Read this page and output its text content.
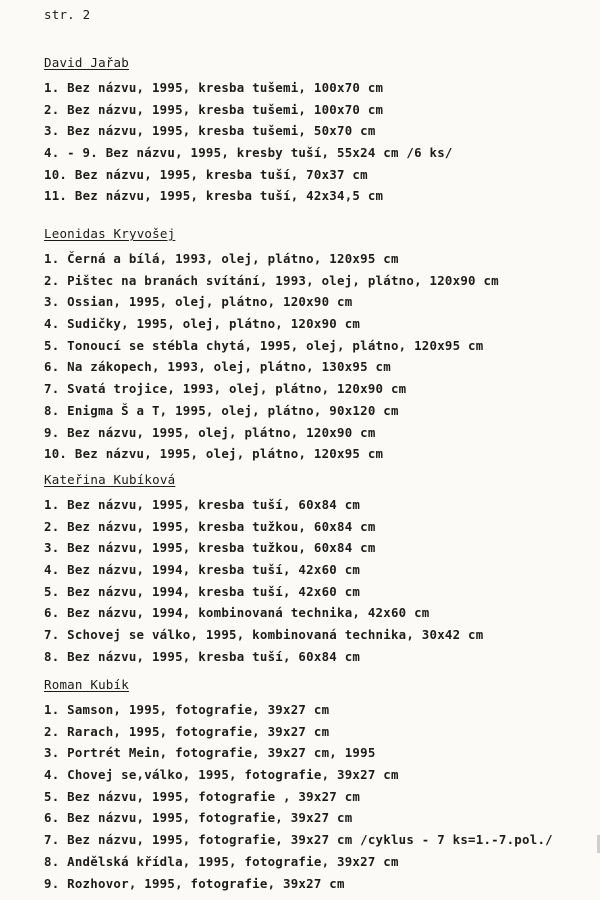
str. 2
David Jařab
1. Bez názvu, 1995, kresba tušemi, 100x70 cm
2. Bez názvu, 1995, kresba tušemi, 100x70 cm
3. Bez názvu, 1995, kresba tušemi, 50x70 cm
4. - 9. Bez názvu, 1995, kresby tuší, 55x24 cm /6 ks/
10. Bez názvu, 1995, kresba tuší, 70x37 cm
11. Bez názvu, 1995, kresba tuší, 42x34,5 cm
Leonidas Kryvošej
1. Černá a bílá, 1993, olej, plátno, 120x95 cm
2. Pištec na branách svítání, 1993, olej, plátno, 120x90 cm
3. Ossian, 1995, olej, plátno, 120x90 cm
4. Sudičky, 1995, olej, plátno, 120x90 cm
5. Tonoucí se stébla chytá, 1995, olej, plátno, 120x95 cm
6. Na zákopech, 1993, olej, plátno, 130x95 cm
7. Svatá trojice, 1993, olej, plátno, 120x90 cm
8. Enigma Š a T, 1995, olej, plátno, 90x120 cm
9. Bez názvu, 1995, olej, plátno, 120x90 cm
10. Bez názvu, 1995, olej, plátno, 120x95 cm
Kateřina Kubíková
1. Bez názvu, 1995, kresba tuší, 60x84 cm
2. Bez názvu, 1995, kresba tužkou, 60x84 cm
3. Bez názvu, 1995, kresba tužkou, 60x84 cm
4. Bez názvu, 1994, kresba tuší, 42x60 cm
5. Bez názvu, 1994, kresba tuší, 42x60 cm
6. Bez názvu, 1994, kombinovaná technika, 42x60 cm
7. Schovej se válko, 1995, kombinovaná technika, 30x42 cm
8. Bez názvu, 1995, kresba tuší, 60x84 cm
Roman Kubík
1. Samson, 1995, fotografie, 39x27 cm
2. Rarach, 1995, fotografie, 39x27 cm
3. Portrét Mein, fotografie, 39x27 cm, 1995
4. Chovej se,válko, 1995, fotografie, 39x27 cm
5. Bez názvu, 1995, fotografie , 39x27 cm
6. Bez názvu, 1995, fotografie, 39x27 cm
7. Bez názvu, 1995, fotografie, 39x27 cm /cyklus - 7 ks=1.-7.pol./
8. Andělská křídla, 1995, fotografie, 39x27 cm
9. Rozhovor, 1995, fotografie, 39x27 cm
